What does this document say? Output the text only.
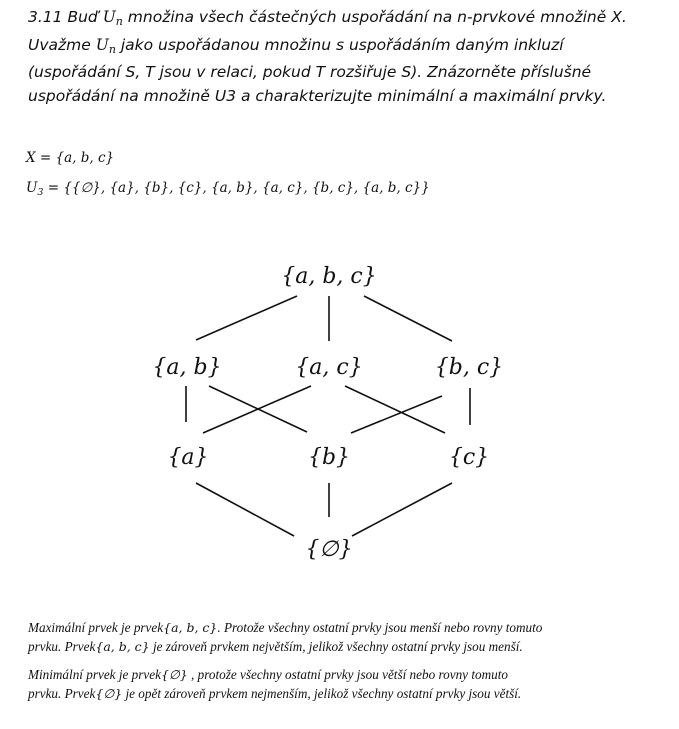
3.11 Buď $U_n$ množina všech částečných uspořádání na n-prvkové množině X.
Uvažme $U_n$ jako uspořádanou množinu s uspořádáním daným inkluzí
(uspořádání S, T jsou v relaci, pokud T rozšiřuje S). Znázorněte příslušné
uspořádání na množině U3 a charakterizujte minimální a maximální prvky.
X = {a, b, c}
$U_3$ = {{∅}, {a}, {b}, {c}, {a, b}, {a, c}, {b, c}, {a, b, c}}
{a, b, c}
{a, b}	{a, c}	{b, c}
{a}	{b}	{c}
{∅}
Maximální prvek je prvek{a, b, c}. Protože všechny ostatní prvky jsou menší nebo rovny tomuto
prvku. Prvek{a, b, c} je zároveň prvkem největším, jelikož všechny ostatní prvky jsou menší.
Minimální prvek je prvek{∅} , protože všechny ostatní prvky jsou větší nebo rovny tomuto
prvku. Prvek{∅} je opět zároveň prvkem nejmenším, jelikož všechny ostatní prvky jsou větší.
